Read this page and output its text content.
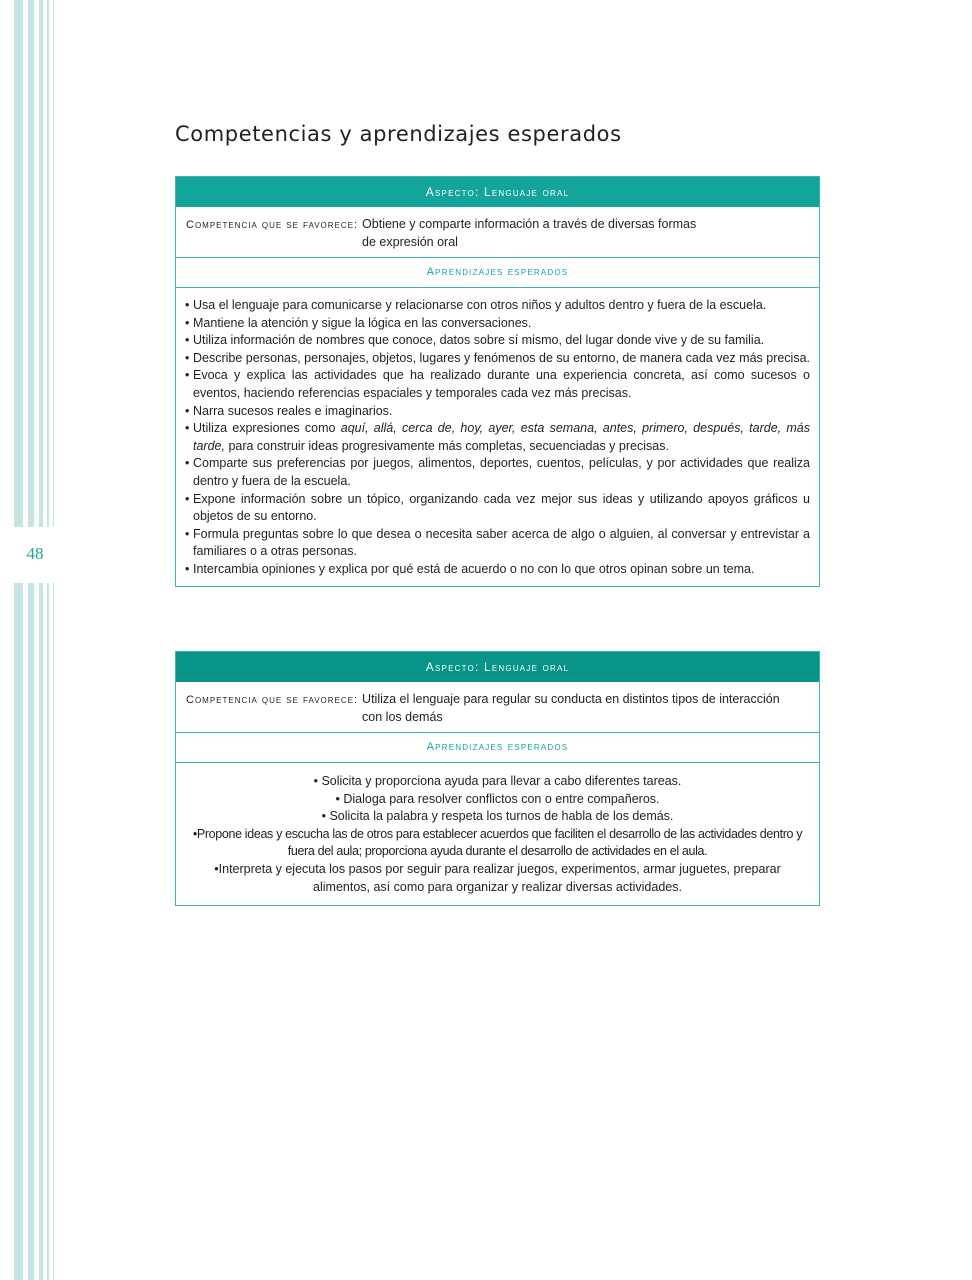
48
Competencias y aprendizajes esperados
Aspecto: Lenguaje oral
Competencia que se favorece: Obtiene y comparte información a través de diversas formas
de expresión oral
Aprendizajes esperados
• Usa el lenguaje para comunicarse y relacionarse con otros niños y adultos dentro y fuera de la escuela.
• Mantiene la atención y sigue la lógica en las conversaciones.
• Utiliza información de nombres que conoce, datos sobre sí mismo, del lugar donde vive y de su familia.
• Describe personas, personajes, objetos, lugares y fenómenos de su entorno, de manera cada vez más precisa.
• Evoca y explica las actividades que ha realizado durante una experiencia concreta, así como sucesos o eventos, haciendo referencias espaciales y temporales cada vez más precisas.
• Narra sucesos reales e imaginarios.
• Utiliza expresiones como aquí, allá, cerca de, hoy, ayer, esta semana, antes, primero, después, tarde, más tarde, para construir ideas progresivamente más completas, secuenciadas y precisas.
• Comparte sus preferencias por juegos, alimentos, deportes, cuentos, películas, y por actividades que realiza dentro y fuera de la escuela.
• Expone información sobre un tópico, organizando cada vez mejor sus ideas y utilizando apoyos gráficos u objetos de su entorno.
• Formula preguntas sobre lo que desea o necesita saber acerca de algo o alguien, al conversar y entrevistar a familiares o a otras personas.
• Intercambia opiniones y explica por qué está de acuerdo o no con lo que otros opinan sobre un tema.
Aspecto: Lenguaje oral
Competencia que se favorece: Utiliza el lenguaje para regular su conducta en distintos tipos de interacción
con los demás
Aprendizajes esperados
• Solicita y proporciona ayuda para llevar a cabo diferentes tareas.
• Dialoga para resolver conflictos con o entre compañeros.
• Solicita la palabra y respeta los turnos de habla de los demás.
•Propone ideas y escucha las de otros para establecer acuerdos que faciliten el desarrollo de las actividades dentro y fuera del aula; proporciona ayuda durante el desarrollo de actividades en el aula.
•Interpreta y ejecuta los pasos por seguir para realizar juegos, experimentos, armar juguetes, preparar alimentos, así como para organizar y realizar diversas actividades.
